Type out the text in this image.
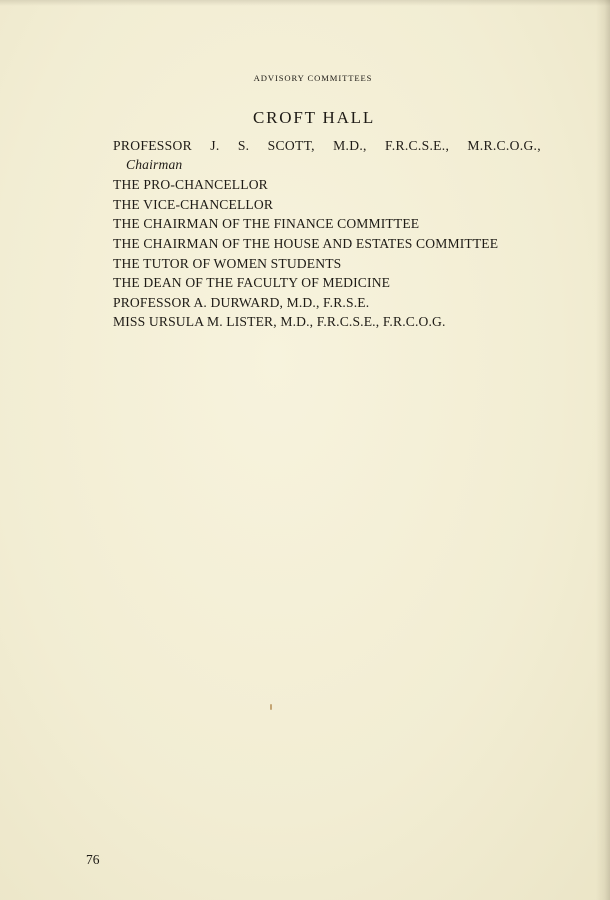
ADVISORY COMMITTEES
CROFT HALL
PROFESSOR J. S. SCOTT, M.D., F.R.C.S.E., M.R.C.O.G.,
Chairman
THE PRO-CHANCELLOR
THE VICE-CHANCELLOR
THE CHAIRMAN OF THE FINANCE COMMITTEE
THE CHAIRMAN OF THE HOUSE AND ESTATES COMMITTEE
THE TUTOR OF WOMEN STUDENTS
THE DEAN OF THE FACULTY OF MEDICINE
PROFESSOR A. DURWARD, M.D., F.R.S.E.
MISS URSULA M. LISTER, M.D., F.R.C.S.E., F.R.C.O.G.
76
